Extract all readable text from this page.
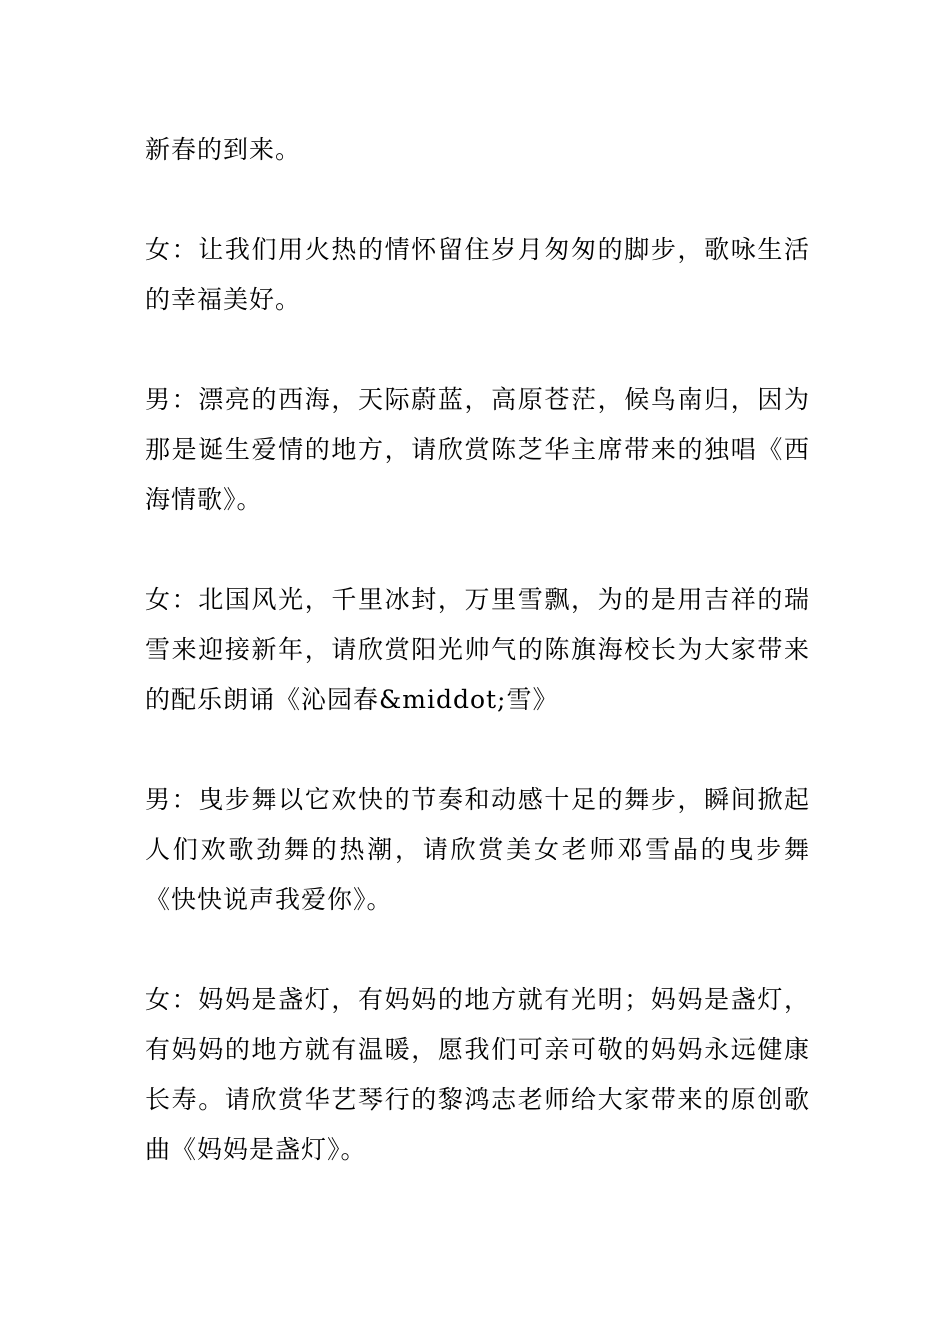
新春的到来。

女：让我们用火热的情怀留住岁月匆匆的脚步，歌咏生活的幸福美好。

男：漂亮的西海，天际蔚蓝，高原苍茫，候鸟南归，因为那是诞生爱情的地方，请欣赏陈芝华主席带来的独唱《西海情歌》。

女：北国风光，千里冰封，万里雪飘，为的是用吉祥的瑞雪来迎接新年，请欣赏阳光帅气的陈旗海校长为大家带来的配乐朗诵《沁园春&middot;雪》

男：曳步舞以它欢快的节奏和动感十足的舞步，瞬间掀起人们欢歌劲舞的热潮，请欣赏美女老师邓雪晶的曳步舞《快快说声我爱你》。

女：妈妈是盏灯，有妈妈的地方就有光明；妈妈是盏灯，有妈妈的地方就有温暖，愿我们可亲可敬的妈妈永远健康长寿。请欣赏华艺琴行的黎鸿志老师给大家带来的原创歌曲《妈妈是盏灯》。
